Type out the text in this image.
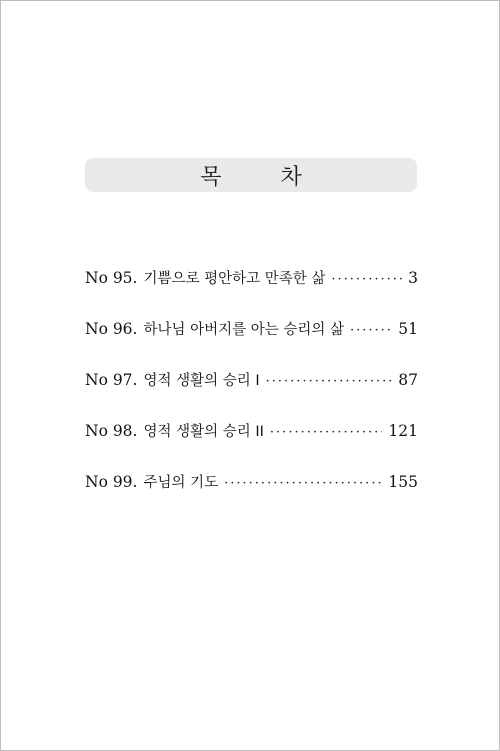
목 차
No 95. 기쁨으로 평안하고 만족한 삶 ·····	3
No 96. 하나님 아버지를 아는 승리의 삶 ·····	51
No 97. 영적 생활의 승리 I ·····	87
No 98. 영적 생활의 승리 II ·····	121
No 99. 주님의 기도 ·····	155
